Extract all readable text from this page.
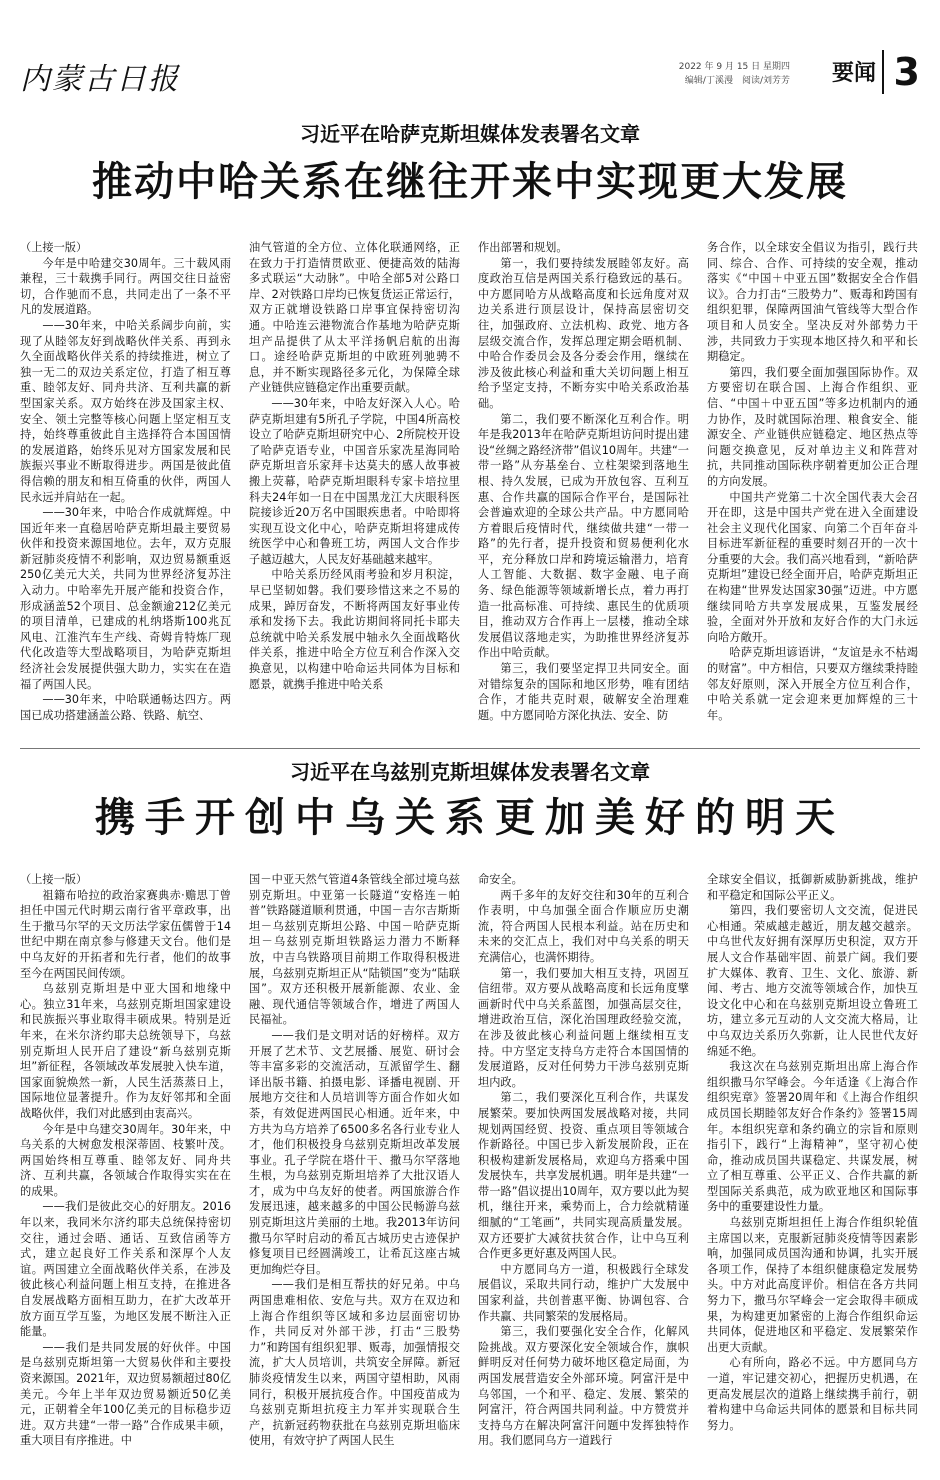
内蒙古日报	2022 年 9 月 15 日 星期四
编辑/丁溪漫　阅读/刘芳芳 要闻 3
习近平在哈萨克斯坦媒体发表署名文章
推动中哈关系在继往开来中实现更大发展

（上接一版）

今年是中哈建交30周年。三十载风雨兼程，三十载携手同行。两国交往日益密切，合作驰而不息，共同走出了一条不平凡的发展道路。

——30年来，中哈关系阔步向前，实现了从睦邻友好到战略伙伴关系、再到永久全面战略伙伴关系的持续推进，树立了独一无二的双边关系定位，打造了相互尊重、睦邻友好、同舟共济、互利共赢的新型国家关系。双方始终在涉及国家主权、安全、领土完整等核心问题上坚定相互支持，始终尊重彼此自主选择符合本国国情的发展道路，始终乐见对方国家发展和民族振兴事业不断取得进步。两国是彼此值得信赖的朋友和相互倚重的伙伴，两国人民永远并肩站在一起。

——30年来，中哈合作成就辉煌。中国近年来一直稳居哈萨克斯坦最主要贸易伙伴和投资来源国地位。去年，双方克服新冠肺炎疫情不利影响，双边贸易额重返250亿美元大关，共同为世界经济复苏注入动力。中哈率先开展产能和投资合作，形成涵盖52个项目、总金额逾212亿美元的项目清单，已建成的札纳塔斯100兆瓦风电、江淮汽车生产线、奇姆肯特炼厂现代化改造等大型战略项目，为哈萨克斯坦经济社会发展提供强大助力，实实在在造福了两国人民。

——30年来，中哈联通畅达四方。两国已成功搭建涵盖公路、铁路、航空、

油气管道的全方位、立体化联通网络，正在致力于打造情贯欧亚、便捷高效的陆海多式联运“大动脉”。中哈全部5对公路口岸、2对铁路口岸均已恢复货运正常运行，双方正就增设铁路口岸事宜保持密切沟通。中哈连云港物流合作基地为哈萨克斯坦产品提供了从太平洋扬帆启航的出海口。途经哈萨克斯坦的中欧班列驰骋不息，并不断实现路径多元化，为保障全球产业链供应链稳定作出重要贡献。

——30年来，中哈友好深入人心。哈萨克斯坦建有5所孔子学院，中国4所高校设立了哈萨克斯坦研究中心、2所院校开设了哈萨克语专业，中国音乐家冼星海同哈萨克斯坦音乐家拜卡达莫夫的感人故事被搬上荧幕，哈萨克斯坦眼科专家卡培拉里科夫24年如一日在中国黑龙江大庆眼科医院接诊近20万名中国眼疾患者。中哈即将实现互设文化中心，哈萨克斯坦将建成传统医学中心和鲁班工坊，两国人文合作步子越迈越大，人民友好基础越来越牢。

中哈关系历经风雨考验和岁月积淀，早已坚韧如磐。我们要珍惜这来之不易的成果，踔厉奋发，不断将两国友好事业传承和发扬下去。我此访期间将同托卡耶夫总统就中哈关系发展中轴永久全面战略伙伴关系，推进中哈全方位互利合作深入交换意见，以构建中哈命运共同体为目标和愿景，就携手推进中哈关系

作出部署和规划。

第一，我们要持续发展睦邻友好。高度政治互信是两国关系行稳致远的基石。中方愿同哈方从战略高度和长远角度对双边关系进行顶层设计，保持高层密切交往，加强政府、立法机构、政党、地方各层级交流合作，发挥总理定期会晤机制、中哈合作委员会及各分委会作用，继续在涉及彼此核心利益和重大关切问题上相互给予坚定支持，不断夯实中哈关系政治基础。

第二，我们要不断深化互利合作。明年是我2013年在哈萨克斯坦访问时提出建设“丝绸之路经济带”倡议10周年。共建“一带一路”从夯基垒台、立柱架梁到落地生根、持久发展，已成为开放包容、互利互惠、合作共赢的国际合作平台，是国际社会普遍欢迎的全球公共产品。中方愿同哈方着眼后疫情时代，继续做共建“一带一路”的先行者，提升投资和贸易便利化水平，充分释放口岸和跨境运输潜力，培育人工智能、大数据、数字金融、电子商务、绿色能源等领域新增长点，着力再打造一批高标准、可持续、惠民生的优质项目，推动双方合作再上一层楼，推动全球发展倡议落地走实，为助推世界经济复苏作出中哈贡献。

第三，我们要坚定捍卫共同安全。面对错综复杂的国际和地区形势，唯有团结合作，才能共克时艰，破解安全治理难题。中方愿同哈方深化执法、安全、防

务合作，以全球安全倡议为指引，践行共同、综合、合作、可持续的安全观，推动落实《“中国＋中亚五国”数据安全合作倡议》。合力打击“三股势力”、贩毒和跨国有组织犯罪，保障两国油气管线等大型合作项目和人员安全。坚决反对外部势力干涉，共同致力于实现本地区持久和平和长期稳定。

第四，我们要全面加强国际协作。双方要密切在联合国、上海合作组织、亚信、“中国＋中亚五国”等多边机制内的通力协作，及时就国际治理、粮食安全、能源安全、产业链供应链稳定、地区热点等问题交换意见，反对单边主义和阵营对抗，共同推动国际秩序朝着更加公正合理的方向发展。

中国共产党第二十次全国代表大会召开在即，这是中国共产党在进入全面建设社会主义现代化国家、向第二个百年奋斗目标进军新征程的重要时刻召开的一次十分重要的大会。我们高兴地看到，“新哈萨克斯坦”建设已经全面开启，哈萨克斯坦正在构建“世界发达国家30强”迈进。中方愿继续同哈方共享发展成果，互鉴发展经验，全面对外开放和友好合作的大门永远向哈方敞开。

哈萨克斯坦谚语讲，“友谊是永不枯竭的财富”。中方相信，只要双方继续秉持睦邻友好原则，深入开展全方位互利合作，中哈关系就一定会迎来更加辉煌的三十年。

习近平在乌兹别克斯坦媒体发表署名文章
携手开创中乌关系更加美好的明天

（上接一版）

祖籍布哈拉的政治家赛典赤·赡思丁曾担任中国元代时期云南行省平章政事，出生于撒马尔罕的天文历法学家伍儒曾于14世纪中期在南京参与修建天文台。他们是中乌友好的开拓者和先行者，他们的故事至今在两国民间传颂。

乌兹别克斯坦是中亚大国和地缘中心。独立31年来，乌兹别克斯坦国家建设和民族振兴事业取得丰硕成果。特别是近年来，在米尔济约耶夫总统领导下，乌兹别克斯坦人民开启了建设“新乌兹别克斯坦”新征程，各领域改革发展驶入快车道，国家面貌焕然一新，人民生活蒸蒸日上，国际地位显著提升。作为友好邻邦和全面战略伙伴，我们对此感到由衷高兴。

今年是中乌建交30周年。30年来，中乌关系的大树愈发根深蒂固、枝繁叶茂。两国始终相互尊重、睦邻友好、同舟共济、互利共赢，各领域合作取得实实在在的成果。

——我们是彼此交心的好朋友。2016年以来，我同米尔济约耶夫总统保持密切交往，通过会晤、通话、互致信函等方式，建立起良好工作关系和深厚个人友谊。两国建立全面战略伙伴关系，在涉及彼此核心利益问题上相互支持，在推进各自发展战略方面相互助力，在扩大改革开放方面互学互鉴，为地区发展不断注入正能量。

——我们是共同发展的好伙伴。中国是乌兹别克斯坦第一大贸易伙伴和主要投资来源国。2021年，双边贸易额超过80亿美元。今年上半年双边贸易额近50亿美元，正朝着全年100亿美元的目标稳步迈进。双方共建“一带一路”合作成果丰硕，重大项目有序推进。中

国－中亚天然气管道4条管线全部过境乌兹别克斯坦。中亚第一长隧道“安格连－帕普”铁路隧道顺利贯通，中国－吉尔吉斯斯坦－乌兹别克斯坦公路、中国－哈萨克斯坦－乌兹别克斯坦铁路运力潜力不断释放，中吉乌铁路项目前期工作取得积极进展，乌兹别克斯坦正从“陆锁国”变为“陆联国”。双方还积极开展新能源、农业、金融、现代通信等领域合作，增进了两国人民福祉。

——我们是文明对话的好榜样。双方开展了艺术节、文艺展播、展览、研讨会等丰富多彩的交流活动，互派留学生、翻译出版书籍、拍摄电影、译播电视剧、开展地方交往和人员培训等方面合作如火如荼，有效促进两国民心相通。近年来，中方共为乌方培养了6500多名各行业专业人才，他们积极投身乌兹别克斯坦改革发展事业。孔子学院在塔什干、撒马尔罕落地生根，为乌兹别克斯坦培养了大批汉语人才，成为中乌友好的使者。两国旅游合作发展迅速，越来越多的中国公民畅游乌兹别克斯坦这片美丽的土地。我2013年访问撒马尔罕时启动的希瓦古城历史古迹保护修复项目已经圆满竣工，让希瓦这座古城更加绚烂夺目。

——我们是相互帮扶的好兄弟。中乌两国患难相依、安危与共。双方在双边和上海合作组织等区域和多边层面密切协作，共同反对外部干涉，打击“三股势力”和跨国有组织犯罪、贩毒，加强情报交流，扩大人员培训，共筑安全屏障。新冠肺炎疫情发生以来，两国守望相助，风雨同行，积极开展抗疫合作。中国疫苗成为乌兹别克斯坦抗疫主力军并实现联合生产，抗新冠药物获批在乌兹别克斯坦临床使用，有效守护了两国人民生

命安全。

两千多年的友好交往和30年的互利合作表明，中乌加强全面合作顺应历史潮流，符合两国人民根本利益。站在历史和未来的交汇点上，我们对中乌关系的明天充满信心，也满怀期待。

第一，我们要加大相互支持，巩固互信纽带。双方要从战略高度和长远角度擘画新时代中乌关系蓝图，加强高层交往，增进政治互信，深化治国理政经验交流，在涉及彼此核心利益问题上继续相互支持。中方坚定支持乌方走符合本国国情的发展道路，反对任何势力干涉乌兹别克斯坦内政。

第二，我们要深化互利合作，共谋发展繁荣。要加快两国发展战略对接，共同规划两国经贸、投资、重点项目等领域合作新路径。中国已步入新发展阶段，正在积极构建新发展格局，欢迎乌方搭乘中国发展快车，共享发展机遇。明年是共建“一带一路”倡议提出10周年，双方要以此为契机，继往开来，乘势而上，合力绘就精谨细腻的“工笔画”，共同实现高质量发展。双方还要扩大减贫扶贫合作，让中乌互利合作更多更好惠及两国人民。

中方愿同乌方一道，积极践行全球发展倡议，采取共同行动，维护广大发展中国家利益，共创普惠平衡、协调包容、合作共赢、共同繁荣的发展格局。

第三，我们要强化安全合作，化解风险挑战。双方要深化安全领域合作，旗帜鲜明反对任何势力破坏地区稳定局面，为两国发展营造安全外部环境。阿富汗是中乌邻国，一个和平、稳定、发展、繁荣的阿富汗，符合两国共同利益。中方赞赏并支持乌方在解决阿富汗问题中发挥独特作用。我们愿同乌方一道践行

全球安全倡议，抵御新威胁新挑战，维护和平稳定和国际公平正义。

第四，我们要密切人文交流，促进民心相通。荣威越走越近，朋友越交越亲。中乌世代友好拥有深厚历史积淀，双方开展人文合作基础牢固、前景广阔。我们要扩大媒体、教育、卫生、文化、旅游、新闻、考古、地方交流等领域合作，加快互设文化中心和在乌兹别克斯坦设立鲁班工坊，建立多元互动的人文交流大格局，让中乌双边关系历久弥新，让人民世代友好绵延不绝。

我这次在乌兹别克斯坦出席上海合作组织撒马尔罕峰会。今年适逢《上海合作组织宪章》签署20周年和《上海合作组织成员国长期睦邻友好合作条约》签署15周年。本组织宪章和条约确立的宗旨和原则指引下，践行“上海精神”，坚守初心使命，推动成员国共谋稳定、共谋发展，树立了相互尊重、公平正义、合作共赢的新型国际关系典范，成为欧亚地区和国际事务中的重要建设性力量。

乌兹别克斯坦担任上海合作组织轮值主席国以来，克服新冠肺炎疫情等因素影响，加强同成员国沟通和协调，扎实开展各项工作，保持了本组织健康稳定发展势头。中方对此高度评价。相信在各方共同努力下，撒马尔罕峰会一定会取得丰硕成果，为构建更加紧密的上海合作组织命运共同体，促进地区和平稳定、发展繁荣作出更大贡献。

心有所向，路必不远。中方愿同乌方一道，牢记建交初心，把握历史机遇，在更高发展层次的道路上继续携手前行，朝着构建中乌命运共同体的愿景和目标共同努力。
